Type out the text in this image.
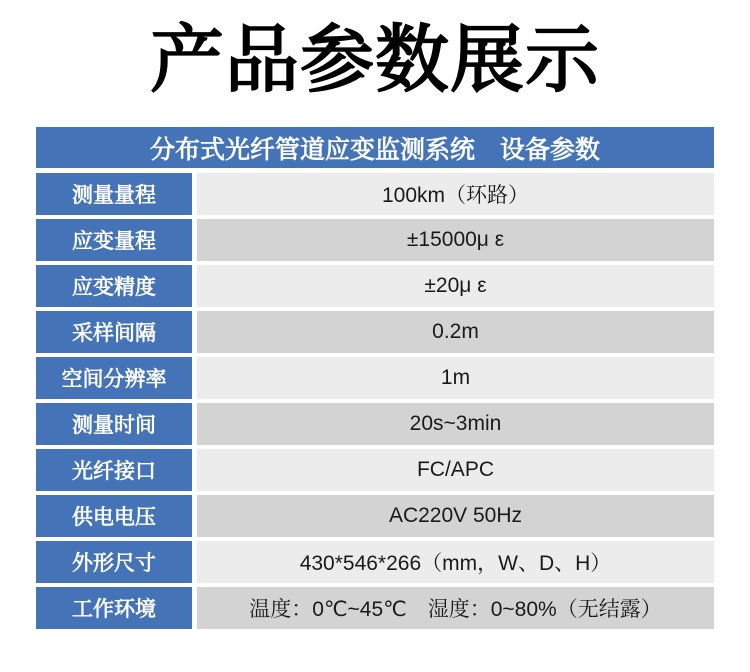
产品参数展示
分布式光纤管道应变监测系统　设备参数
测量量程	100km（环路）
应变量程	±15000μ ε
应变精度	±20μ ε
采样间隔	0.2m
空间分辨率	1m
测量时间	20s~3min
光纤接口	FC/APC
供电电压	AC220V 50Hz
外形尺寸	430*546*266（mm，W、D、H）
工作环境	温度：0℃~45℃　湿度：0~80%（无结露）
